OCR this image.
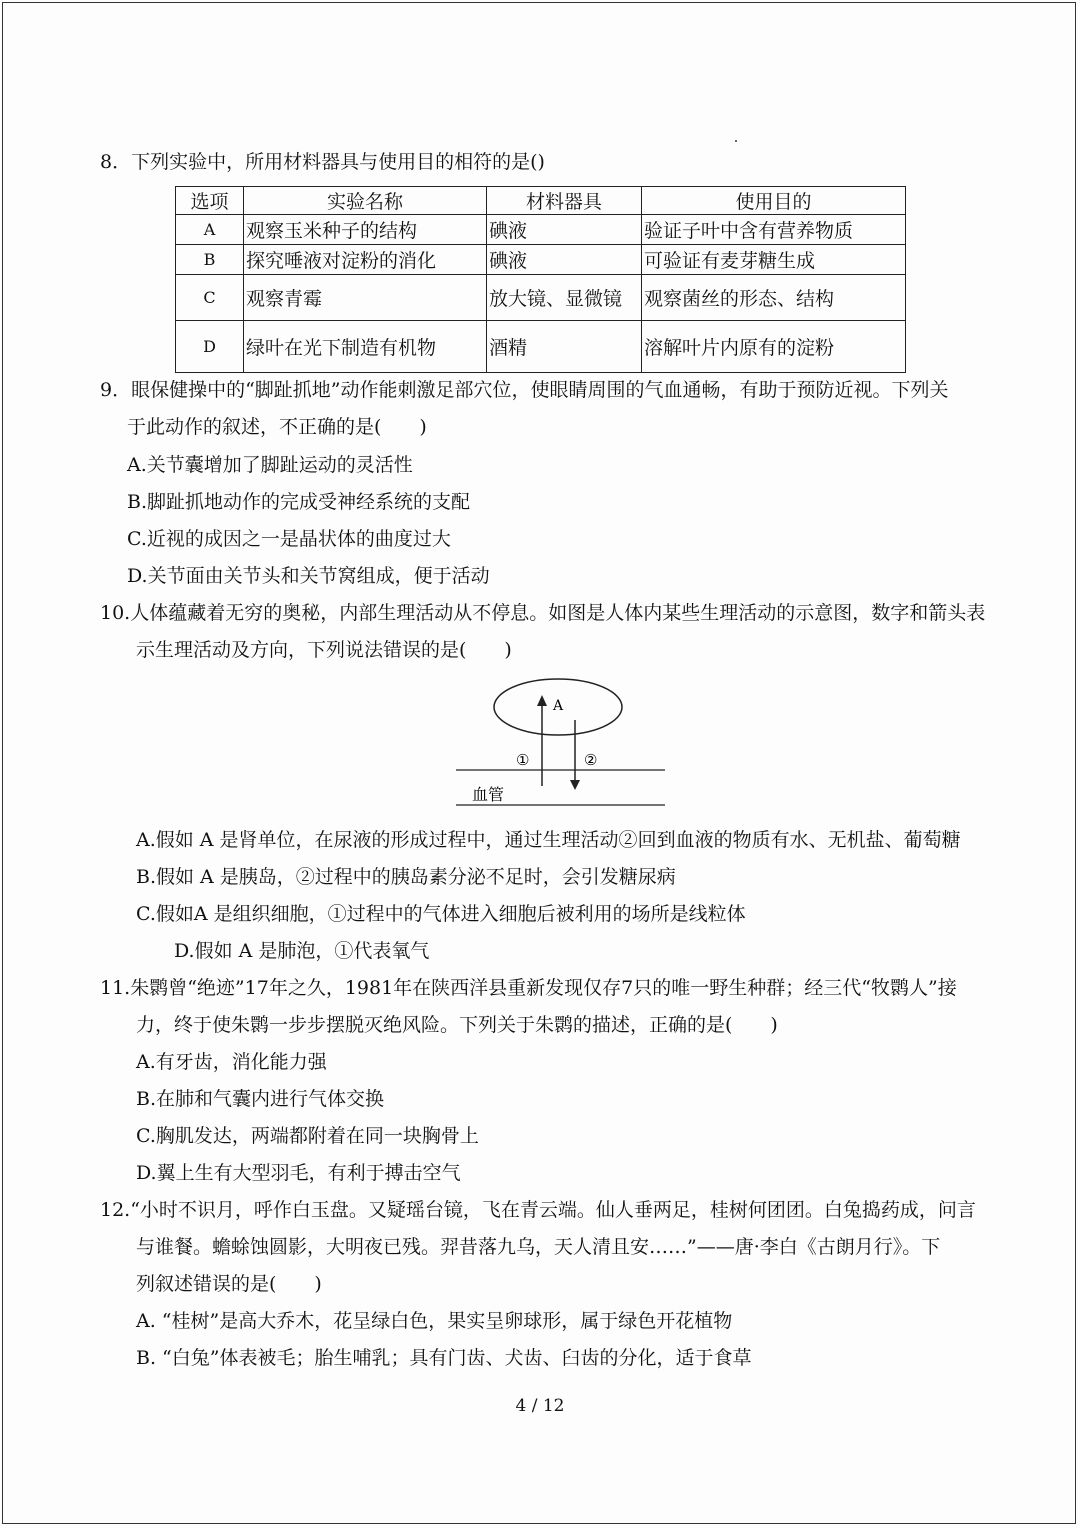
8．下列实验中，所用材料器具与使用目的相符的是()
选项	实验名称	材料器具	使用目的
A	观察玉米种子的结构	碘液	验证子叶中含有营养物质
B	探究唾液对淀粉的消化	碘液	可验证有麦芽糖生成
C	观察青霉	放大镜、显微镜	观察菌丝的形态、结构
D	绿叶在光下制造有机物	酒精	溶解叶片内原有的淀粉
9．眼保健操中的“脚趾抓地”动作能刺激足部穴位，使眼睛周围的气血通畅，有助于预防近视。下列关
于此动作的叙述，不正确的是(　　)
A.关节囊增加了脚趾运动的灵活性
B.脚趾抓地动作的完成受神经系统的支配
C.近视的成因之一是晶状体的曲度过大
D.关节面由关节头和关节窝组成，便于活动
10.人体蕴藏着无穷的奥秘，内部生理活动从不停息。如图是人体内某些生理活动的示意图，数字和箭头表
示生理活动及方向，下列说法错误的是(　　)
A
①	②
血管
A.假如 A 是肾单位，在尿液的形成过程中，通过生理活动②回到血液的物质有水、无机盐、葡萄糖
B.假如 A 是胰岛，②过程中的胰岛素分泌不足时，会引发糖尿病
C.假如A 是组织细胞，①过程中的气体进入细胞后被利用的场所是线粒体
D.假如 A 是肺泡，①代表氧气
11.朱鹮曾“绝迹”17年之久，1981年在陕西洋县重新发现仅存7只的唯一野生种群；经三代“牧鹮人”接
力，终于使朱鹮一步步摆脱灭绝风险。下列关于朱鹮的描述，正确的是(　　)
A.有牙齿，消化能力强
B.在肺和气囊内进行气体交换
C.胸肌发达，两端都附着在同一块胸骨上
D.翼上生有大型羽毛，有利于搏击空气
12.“小时不识月，呼作白玉盘。又疑瑶台镜，飞在青云端。仙人垂两足，桂树何团团。白兔捣药成，问言
与谁餐。蟾蜍蚀圆影，大明夜已残。羿昔落九乌，天人清且安……”——唐·李白《古朗月行》。下
列叙述错误的是(　　)
A. “桂树”是高大乔木，花呈绿白色，果实呈卵球形，属于绿色开花植物
B. “白兔”体表被毛；胎生哺乳；具有门齿、犬齿、臼齿的分化，适于食草
4 / 12
